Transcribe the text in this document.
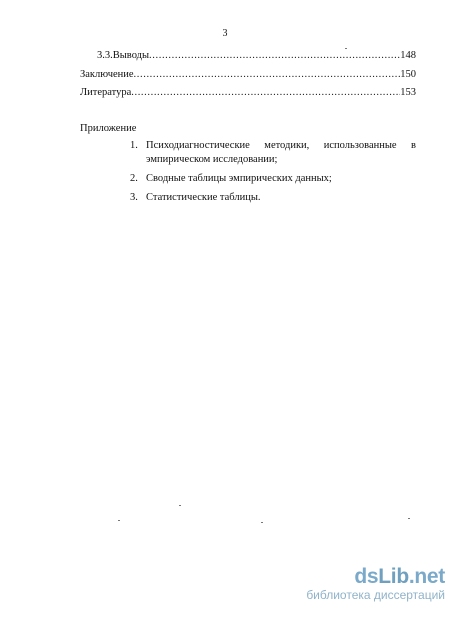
3
3.3.Выводы .....	148
Заключение .....	150
Литература .....	153
Приложение
1. Психодиагностические методики, использованные в
эмпирическом исследовании;
2. Сводные таблицы эмпирических данных;
3. Статистические таблицы.
dsLib.net
библиотека диссертаций
